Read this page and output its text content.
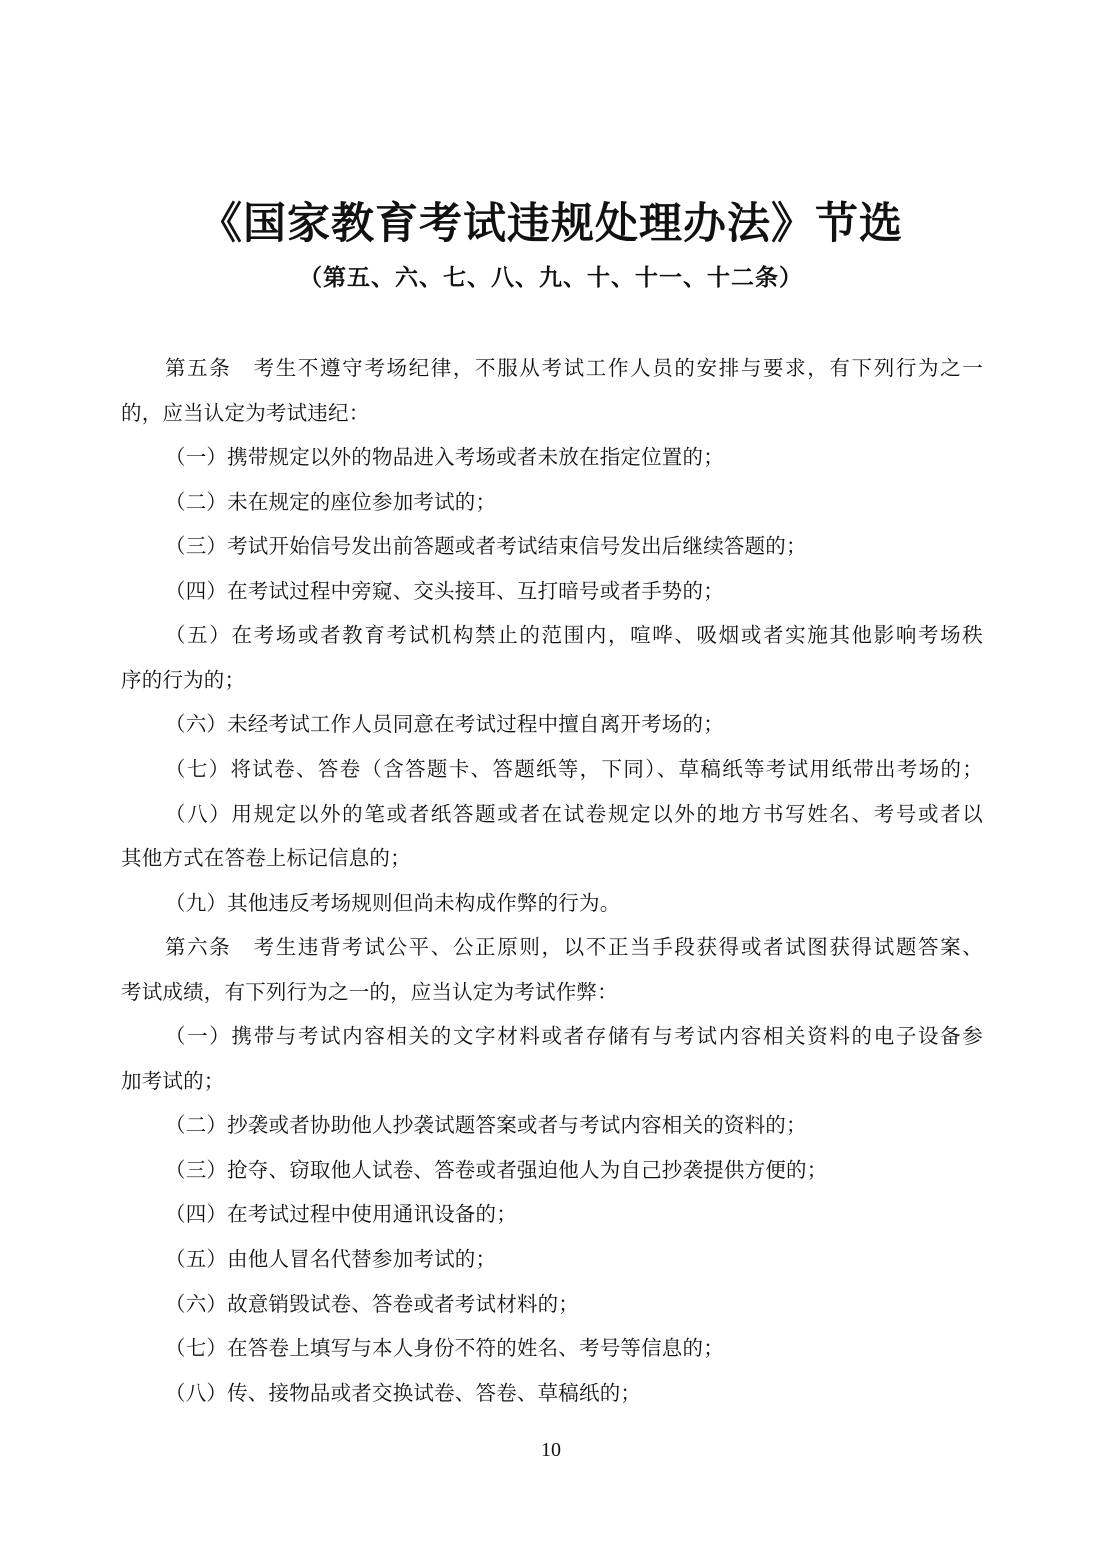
《国家教育考试违规处理办法》节选
（第五、六、七、八、九、十、十一、十二条）
第五条　考生不遵守考场纪律，不服从考试工作人员的安排与要求，有下列行为之一
的，应当认定为考试违纪：
（一）携带规定以外的物品进入考场或者未放在指定位置的；
（二）未在规定的座位参加考试的；
（三）考试开始信号发出前答题或者考试结束信号发出后继续答题的；
（四）在考试过程中旁窥、交头接耳、互打暗号或者手势的；
（五）在考场或者教育考试机构禁止的范围内，喧哗、吸烟或者实施其他影响考场秩
序的行为的；
（六）未经考试工作人员同意在考试过程中擅自离开考场的；
（七）将试卷、答卷（含答题卡、答题纸等，下同）、草稿纸等考试用纸带出考场的；
（八）用规定以外的笔或者纸答题或者在试卷规定以外的地方书写姓名、考号或者以
其他方式在答卷上标记信息的；
（九）其他违反考场规则但尚未构成作弊的行为。
第六条　考生违背考试公平、公正原则，以不正当手段获得或者试图获得试题答案、
考试成绩，有下列行为之一的，应当认定为考试作弊：
（一）携带与考试内容相关的文字材料或者存储有与考试内容相关资料的电子设备参
加考试的；
（二）抄袭或者协助他人抄袭试题答案或者与考试内容相关的资料的；
（三）抢夺、窃取他人试卷、答卷或者强迫他人为自己抄袭提供方便的；
（四）在考试过程中使用通讯设备的；
（五）由他人冒名代替参加考试的；
（六）故意销毁试卷、答卷或者考试材料的；
（七）在答卷上填写与本人身份不符的姓名、考号等信息的；
（八）传、接物品或者交换试卷、答卷、草稿纸的；
10
